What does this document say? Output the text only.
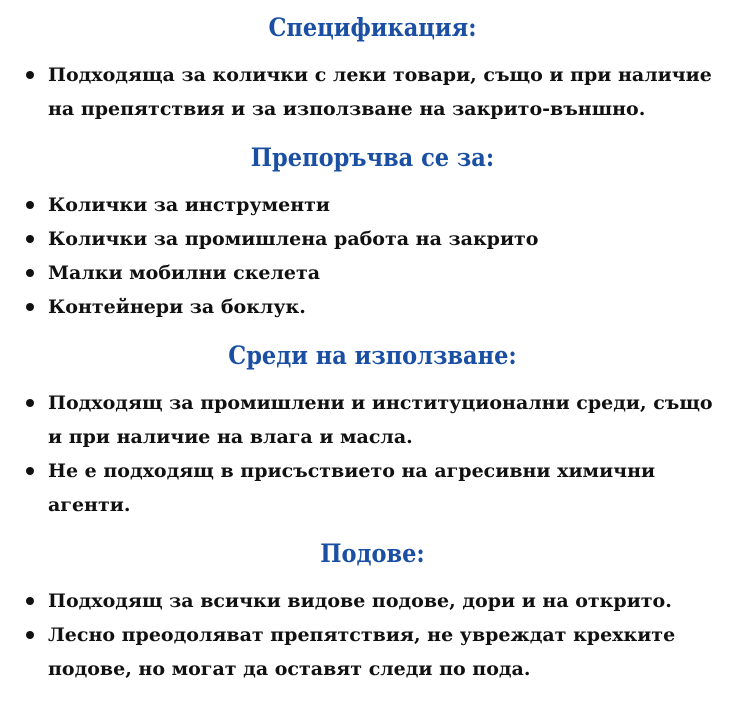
Спецификация:
Подходяща за колички с леки товари, също и при наличие на препятствия и за използване на закрито-външно.
Препоръчва се за:
Колички за инструменти
Колички за промишлена работа на закрито
Малки мобилни скелета
Контейнери за боклук.
Среди на използване:
Подходящ за промишлени и институционални среди, също и при наличие на влага и масла.
Не е подходящ в присъствието на агресивни химични агенти.
Подове:
Подходящ за всички видове подове, дори и на открито.
Лесно преодоляват препятствия, не увреждат крехките подове, но могат да оставят следи по пода.
